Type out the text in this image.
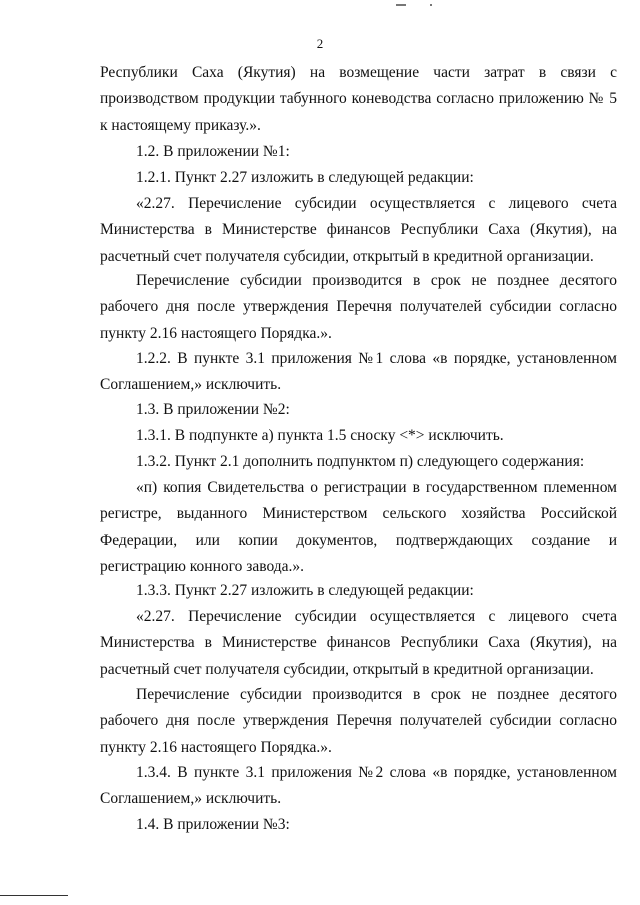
2

Республики Саха (Якутия) на возмещение части затрат в связи с производством продукции табунного коневодства согласно приложению № 5 к настоящему приказу.».

1.2. В приложении №1:

1.2.1. Пункт 2.27 изложить в следующей редакции:

«2.27. Перечисление субсидии осуществляется с лицевого счета Министерства в Министерстве финансов Республики Саха (Якутия), на расчетный счет получателя субсидии, открытый в кредитной организации.

Перечисление субсидии производится в срок не позднее десятого рабочего дня после утверждения Перечня получателей субсидии согласно пункту 2.16 настоящего Порядка.».

1.2.2. В пункте 3.1 приложения №1 слова «в порядке, установленном Соглашением,» исключить.

1.3. В приложении №2:

1.3.1. В подпункте а) пункта 1.5 сноску <*> исключить.

1.3.2. Пункт 2.1 дополнить подпунктом п) следующего содержания:

«п) копия Свидетельства о регистрации в государственном племенном регистре, выданного Министерством сельского хозяйства Российской Федерации, или копии документов, подтверждающих создание и регистрацию конного завода.».

1.3.3. Пункт 2.27 изложить в следующей редакции:

«2.27. Перечисление субсидии осуществляется с лицевого счета Министерства в Министерстве финансов Республики Саха (Якутия), на расчетный счет получателя субсидии, открытый в кредитной организации.

Перечисление субсидии производится в срок не позднее десятого рабочего дня после утверждения Перечня получателей субсидии согласно пункту 2.16 настоящего Порядка.».

1.3.4. В пункте 3.1 приложения №2 слова «в порядке, установленном Соглашением,» исключить.

1.4. В приложении №3:
